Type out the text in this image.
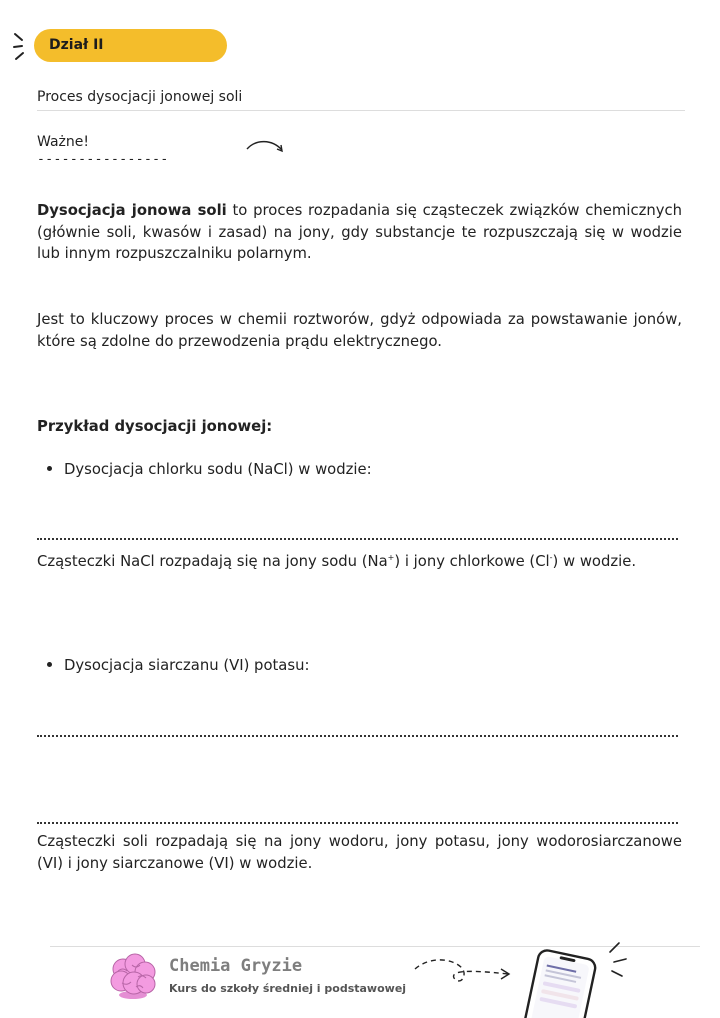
Dział II
Proces dysocjacji jonowej soli
Ważne!
----------------
Dysocjacja jonowa soli to proces rozpadania się cząsteczek związków chemicznych (głównie soli, kwasów i zasad) na jony, gdy substancje te rozpuszczają się w wodzie lub innym rozpuszczalniku polarnym.
Jest to kluczowy proces w chemii roztworów, gdyż odpowiada za powstawanie jonów, które są zdolne do przewodzenia prądu elektrycznego.
Przykład dysocjacji jonowej:
Dysocjacja chlorku sodu (NaCl) w wodzie:
Cząsteczki NaCl rozpadają się na jony sodu (Na+) i jony chlorkowe (Cl-) w wodzie.
Dysocjacja siarczanu (VI) potasu:
Cząsteczki soli rozpadają się na jony wodoru, jony potasu, jony wodorosiarczanowe (VI) i jony siarczanowe (VI) w wodzie.
Chemia Gryzie
Kurs do szkoły średniej i podstawowej
